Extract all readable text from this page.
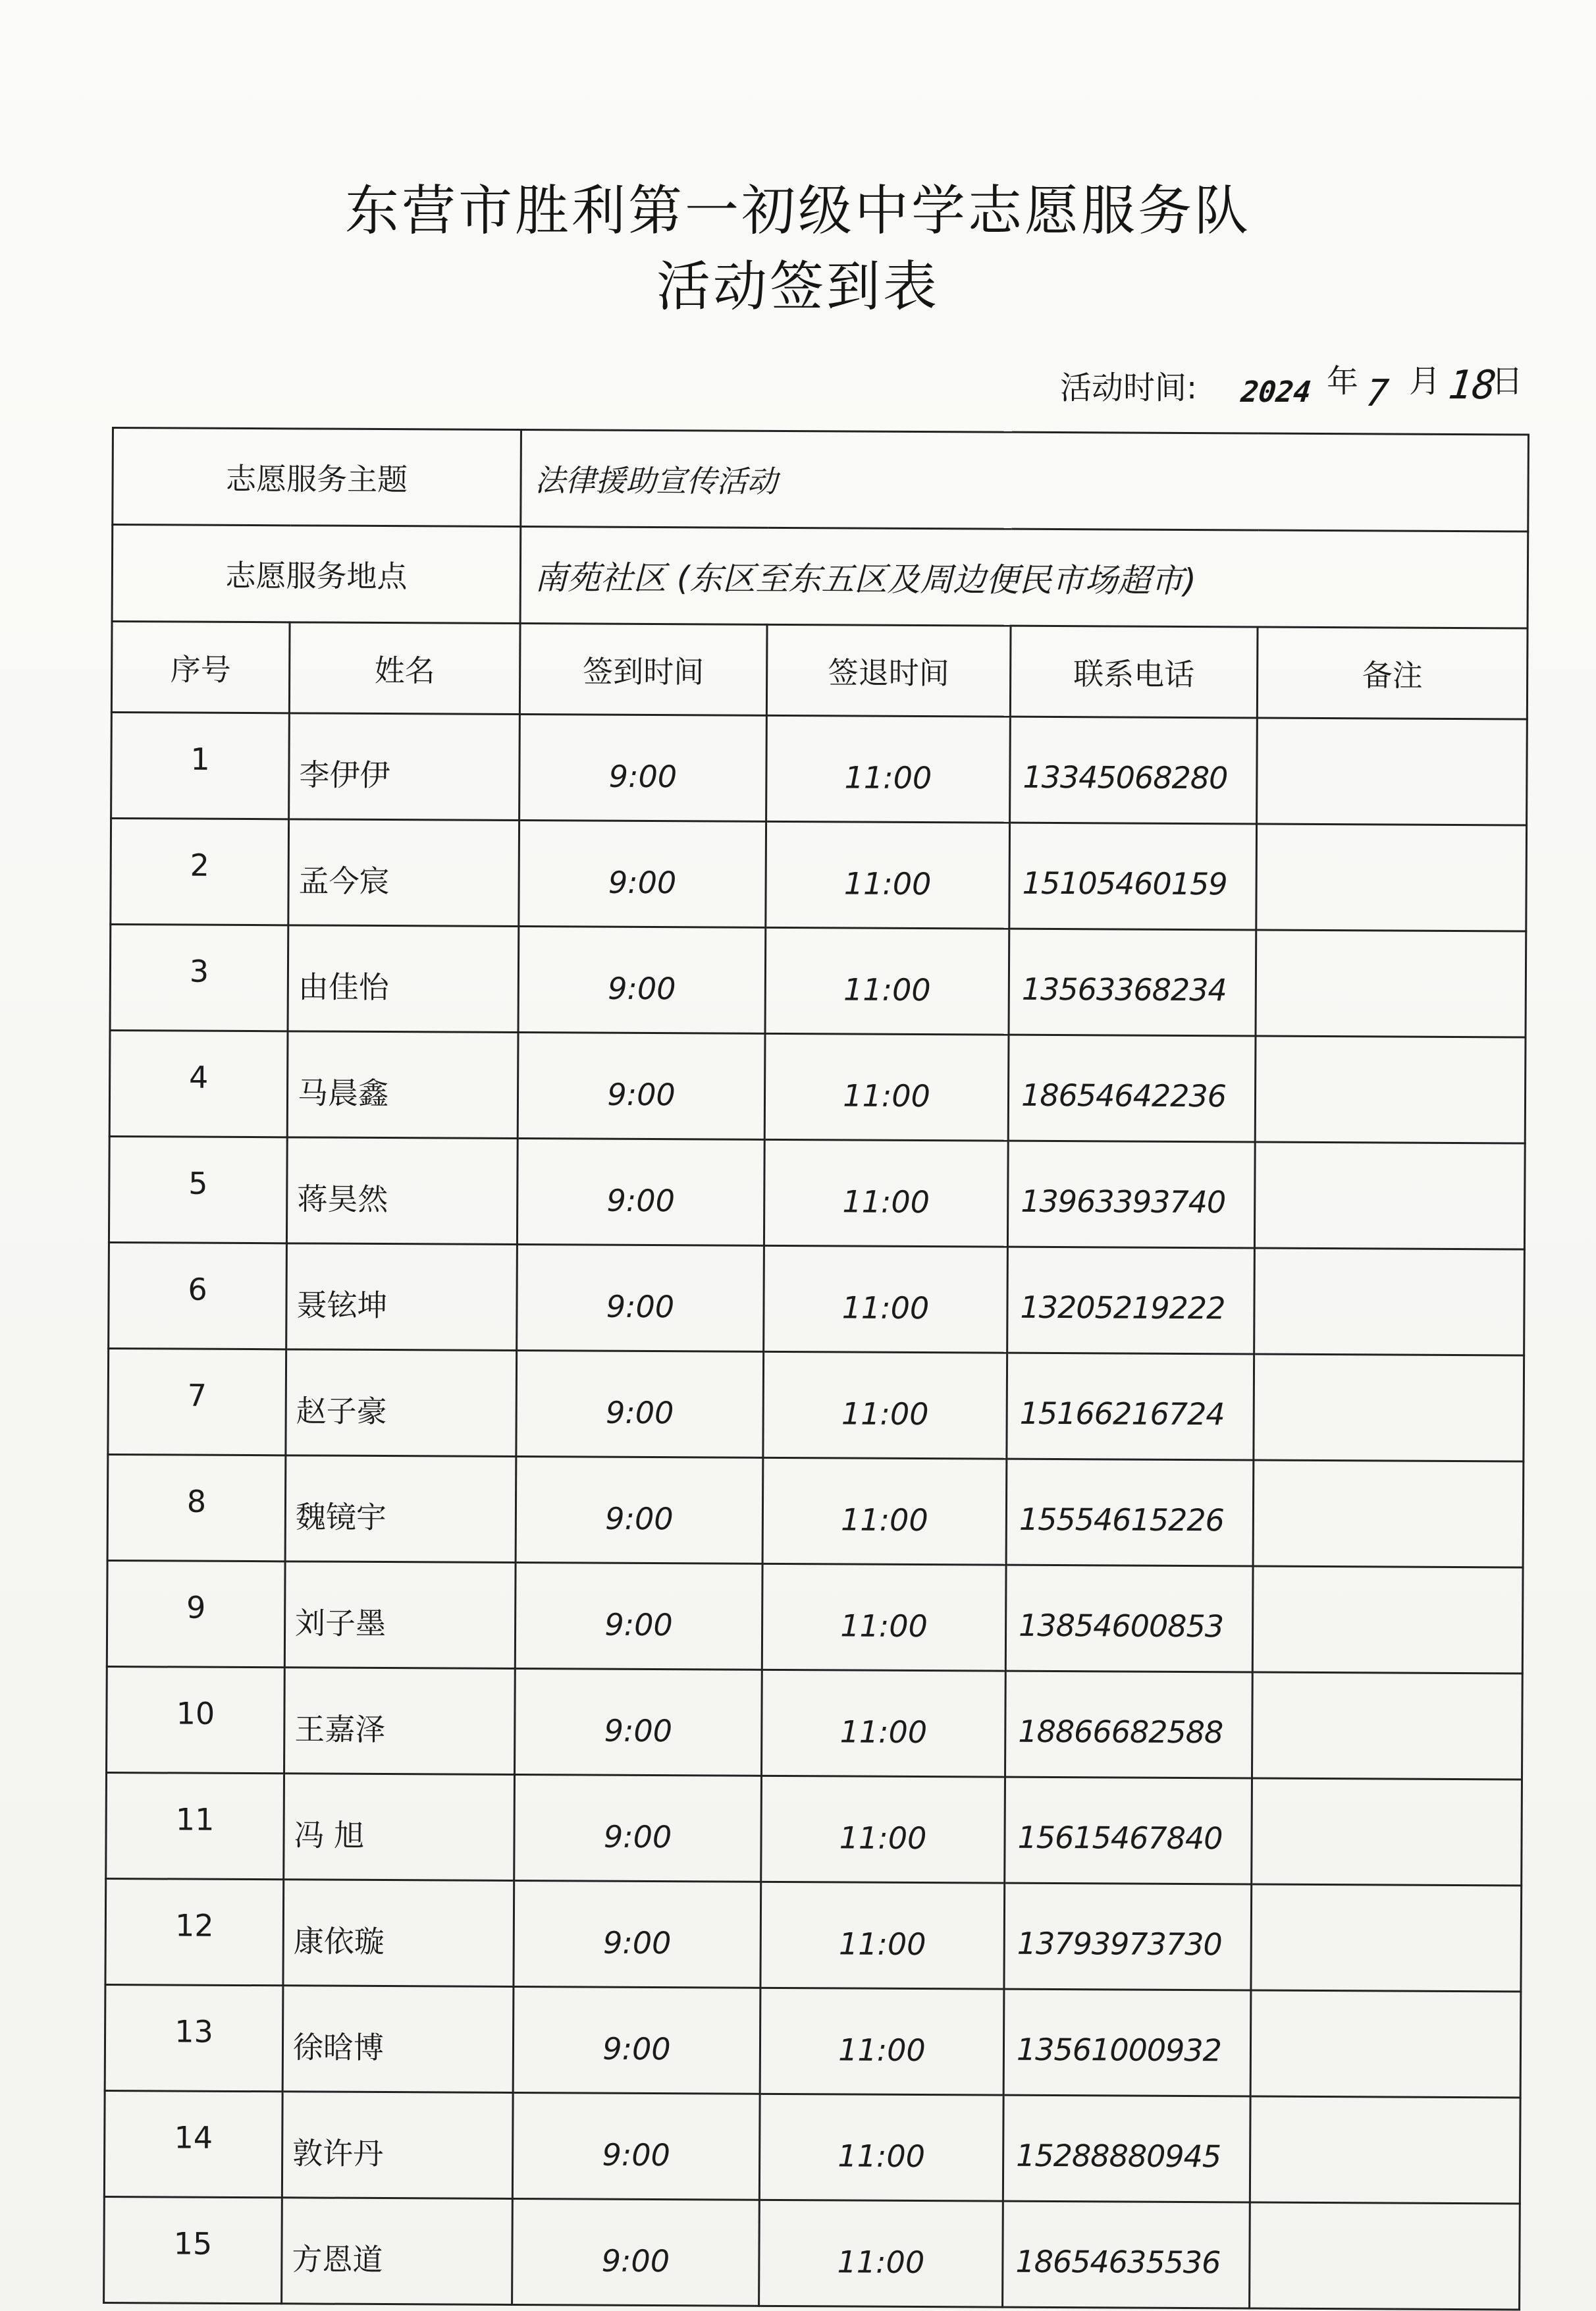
东营市胜利第一初级中学志愿服务队
活动签到表
活动时间: 2024 年 7 月 18
日
志愿服务主题		法律援助宣传活动			
志愿服务地点		南苑社区 (东区至东五区及周边便民市场超市)			
序号	姓名	签到时间	签退时间	联系电话	备注
1	李伊伊	9:00	11:00	13345068280	
2	孟今宸	9:00	11:00	15105460159	
3	由佳怡	9:00	11:00	13563368234	
4	马晨鑫	9:00	11:00	18654642236	
5	蒋昊然	9:00	11:00	13963393740	
6	聂铉坤	9:00	11:00	13205219222	
7	赵子豪	9:00	11:00	15166216724	
8	魏镜宇	9:00	11:00	15554615226	
9	刘子墨	9:00	11:00	13854600853	
10	王嘉泽	9:00	11:00	18866682588	
11	冯 旭	9:00	11:00	15615467840	
12	康依璇	9:00	11:00	13793973730	
13	徐晗博	9:00	11:00	13561000932	
14	敦许丹	9:00	11:00	15288880945	
15	方恩道	9:00	11:00	18654635536	
